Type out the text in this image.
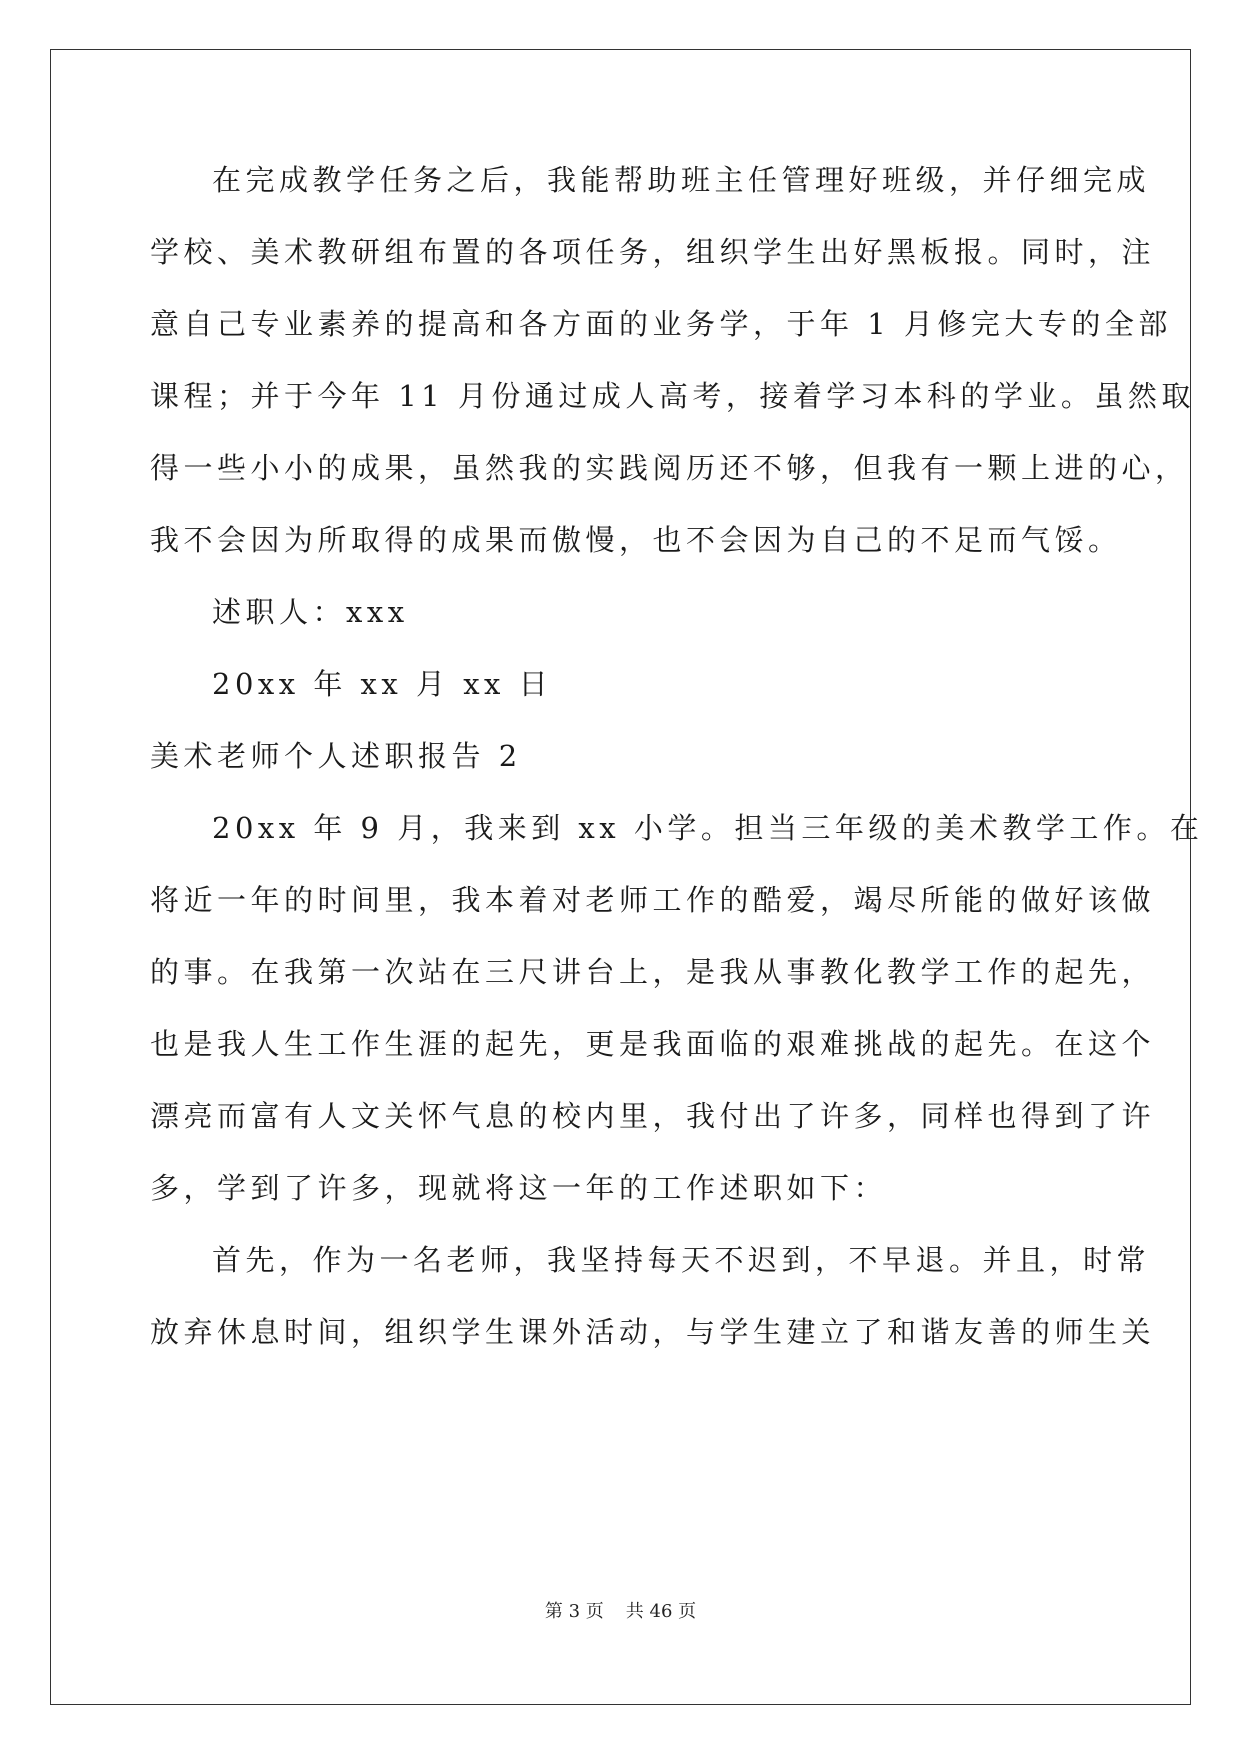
在完成教学任务之后，我能帮助班主任管理好班级，并仔细完成
学校、美术教研组布置的各项任务，组织学生出好黑板报。同时，注
意自己专业素养的提高和各方面的业务学，于年 1 月修完大专的全部
课程；并于今年 11 月份通过成人高考，接着学习本科的学业。虽然取
得一些小小的成果，虽然我的实践阅历还不够，但我有一颗上进的心，
我不会因为所取得的成果而傲慢，也不会因为自己的不足而气馁。
述职人：xxx
20xx 年 xx 月 xx 日
美术老师个人述职报告 2
20xx 年 9 月，我来到 xx 小学。担当三年级的美术教学工作。在
将近一年的时间里，我本着对老师工作的酷爱，竭尽所能的做好该做
的事。在我第一次站在三尺讲台上，是我从事教化教学工作的起先，
也是我人生工作生涯的起先，更是我面临的艰难挑战的起先。在这个
漂亮而富有人文关怀气息的校内里，我付出了许多，同样也得到了许
多，学到了许多，现就将这一年的工作述职如下：
首先，作为一名老师，我坚持每天不迟到，不早退。并且，时常
放弃休息时间，组织学生课外活动，与学生建立了和谐友善的师生关
第 3 页 共 46 页
